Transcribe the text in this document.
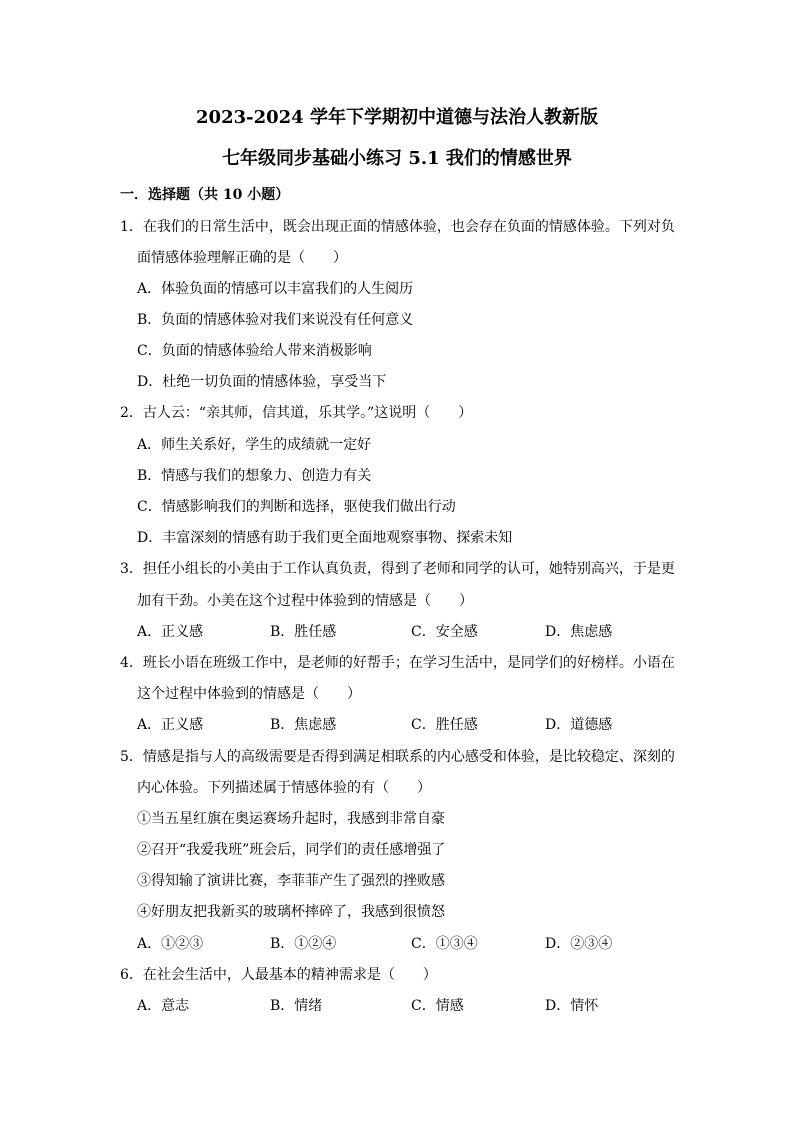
2023-2024 学年下学期初中道德与法治人教新版
七年级同步基础小练习 5.1 我们的情感世界
一．选择题（共 10 小题）
1．在我们的日常生活中，既会出现正面的情感体验，也会存在负面的情感体验。下列对负
面情感体验理解正确的是（　　）
A．体验负面的情感可以丰富我们的人生阅历
B．负面的情感体验对我们来说没有任何意义
C．负面的情感体验给人带来消极影响
D．杜绝一切负面的情感体验，享受当下
2．古人云：“亲其师，信其道，乐其学。”这说明（　　）
A．师生关系好，学生的成绩就一定好
B．情感与我们的想象力、创造力有关
C．情感影响我们的判断和选择，驱使我们做出行动
D．丰富深刻的情感有助于我们更全面地观察事物、探索未知
3．担任小组长的小美由于工作认真负责，得到了老师和同学的认可，她特别高兴，于是更
加有干劲。小美在这个过程中体验到的情感是（　　）
A．正义感	B．胜任感	C．安全感	D．焦虑感
4．班长小语在班级工作中，是老师的好帮手；在学习生活中，是同学们的好榜样。小语在
这个过程中体验到的情感是（　　）
A．正义感	B．焦虑感	C．胜任感	D．道德感
5．情感是指与人的高级需要是否得到满足相联系的内心感受和体验，是比较稳定、深刻的
内心体验。下列描述属于情感体验的有（　　）
①当五星红旗在奥运赛场升起时，我感到非常自豪
②召开“我爱我班”班会后，同学们的责任感增强了
③得知输了演讲比赛，李菲菲产生了强烈的挫败感
④好朋友把我新买的玻璃杯摔碎了，我感到很愤怒
A．①②③	B．①②④	C．①③④	D．②③④
6．在社会生活中，人最基本的精神需求是（　　）
A．意志	B．情绪	C．情感	D．情怀
